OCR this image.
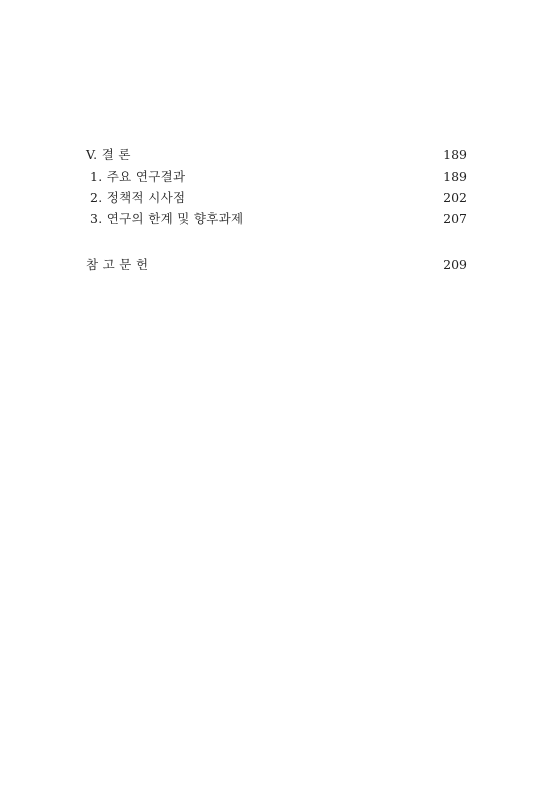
V. 결 론	189
1. 주요 연구결과	189
2. 정책적 시사점	202
3. 연구의 한계 및 향후과제	207
참 고 문 헌	209
